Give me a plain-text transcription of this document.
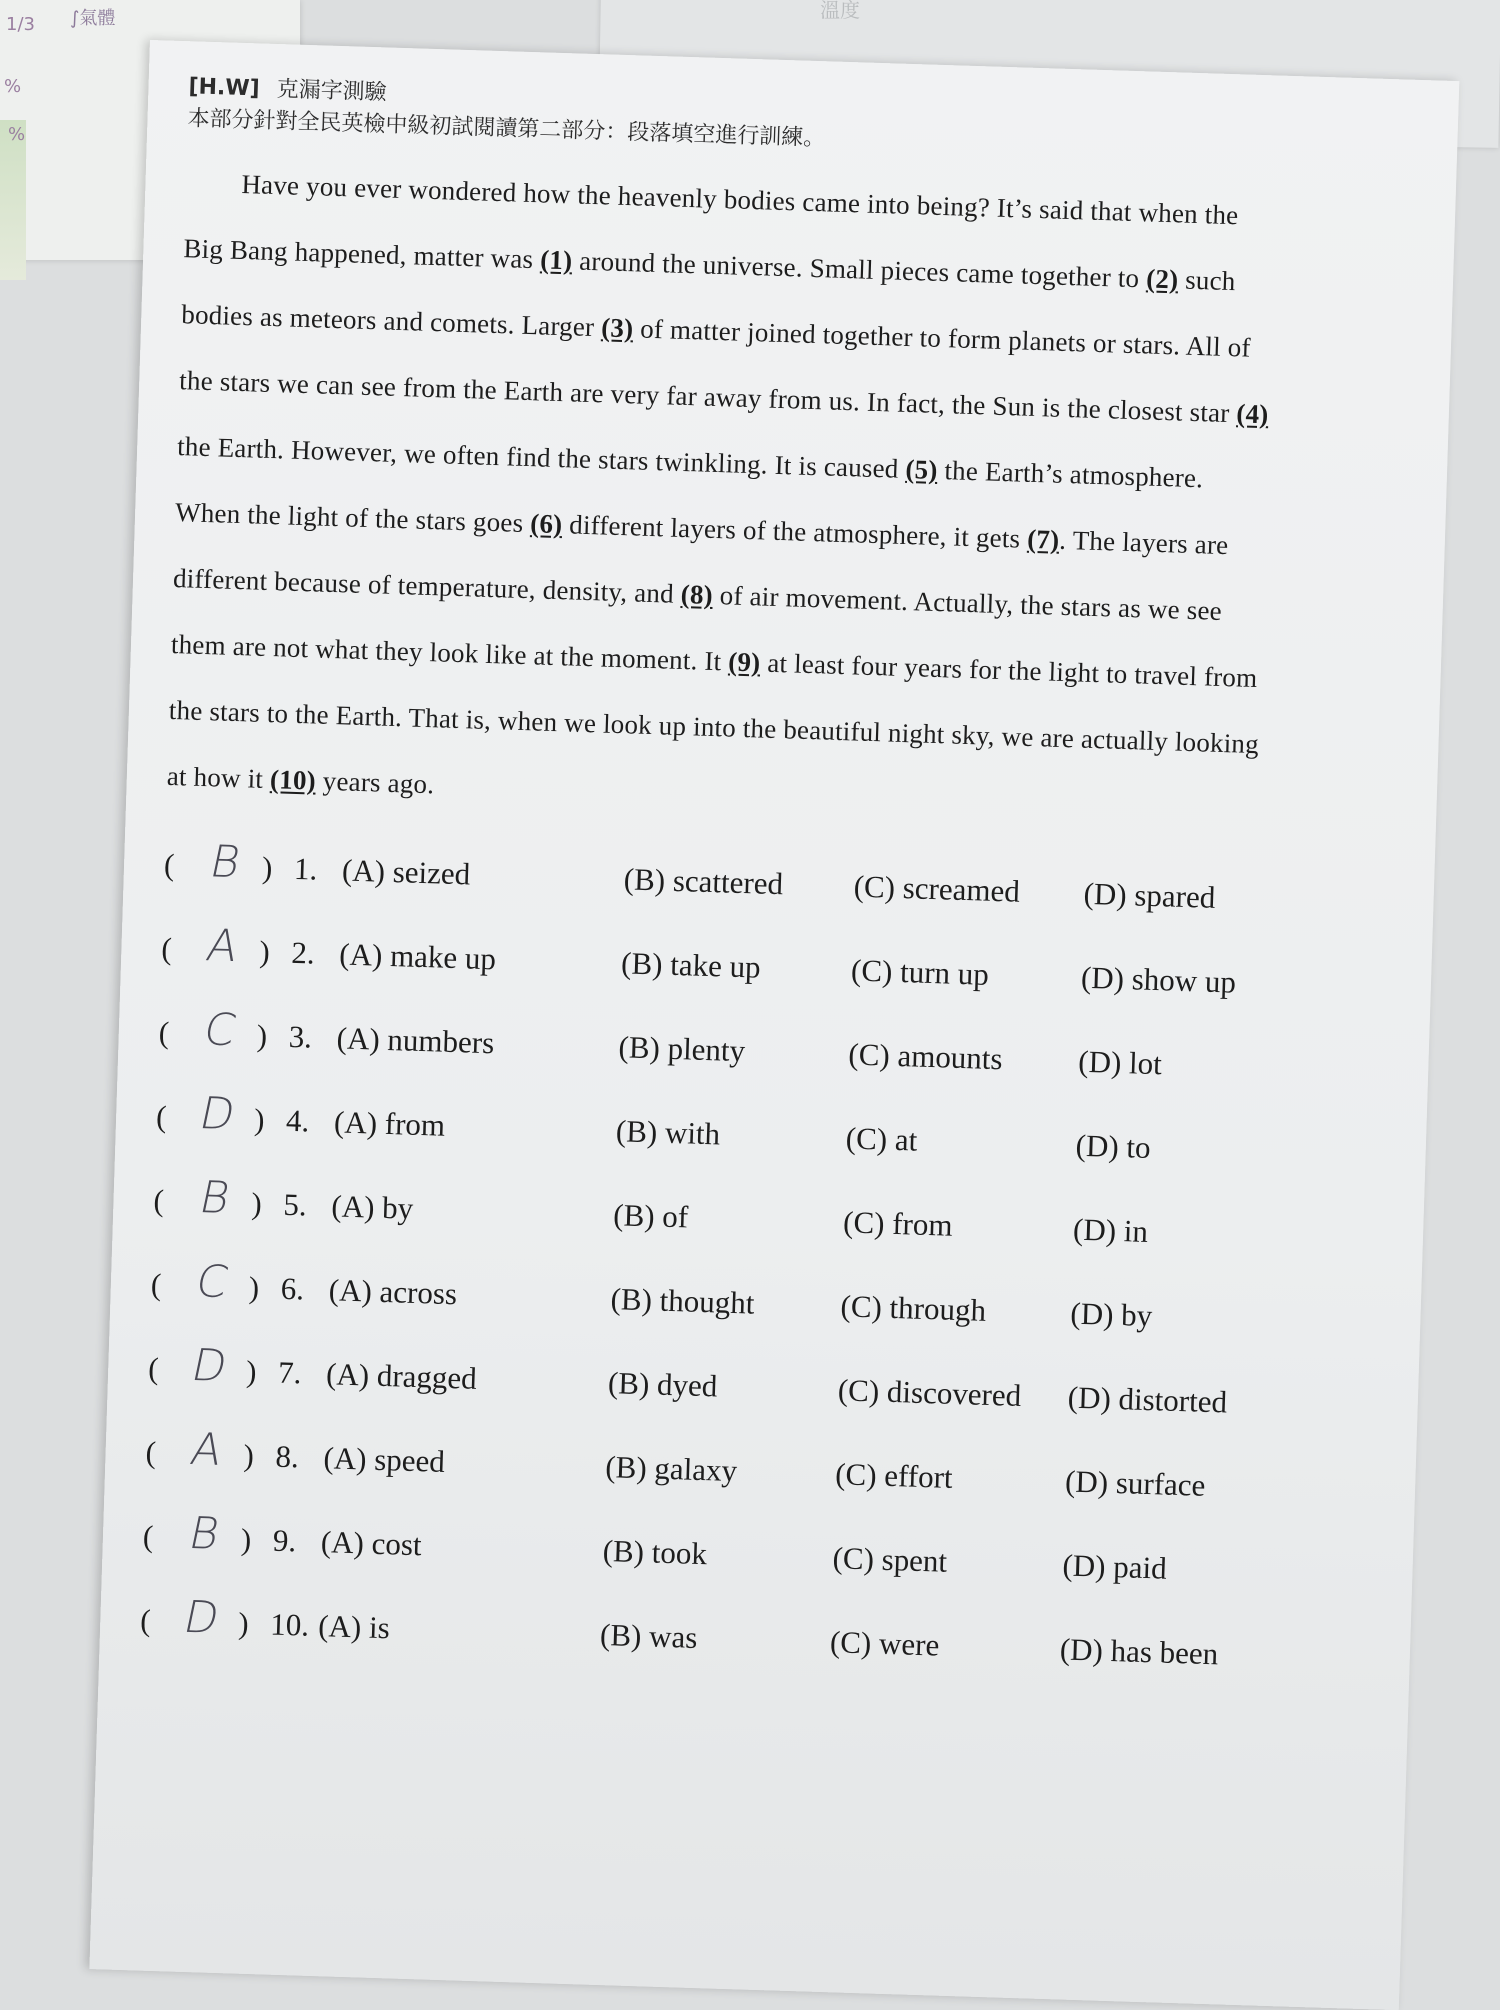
1/3 ∫氣體
%
%
溫度
[H.W] 克漏字測驗
本部分針對全民英檢中級初試閱讀第二部分：段落填空進行訓練。
Have you ever wondered how the heavenly bodies came into being? It’s said that when the
Big Bang happened, matter was (1) around the universe. Small pieces came together to (2) such
bodies as meteors and comets. Larger (3) of matter joined together to form planets or stars. All of
the stars we can see from the Earth are very far away from us. In fact, the Sun is the closest star (4)
the Earth. However, we often find the stars twinkling. It is caused (5) the Earth’s atmosphere.
When the light of the stars goes (6) different layers of the atmosphere, it gets (7). The layers are
different because of temperature, density, and (8) of air movement. Actually, the stars as we see
them are not what they look like at the moment. It (9) at least four years for the light to travel from
the stars to the Earth. That is, when we look up into the beautiful night sky, we are actually looking
at how it (10) years ago.
( B ) 1. (A) seized	(B) scattered (C) screamed (D) spared
( A ) 2. (A) make up	(B) take up	(C) turn up	(D) show up
( C ) 3. (A) numbers	(B) plenty	(C) amounts (D) lot
( D ) 4. (A) from	(B) with	(C) at	(D) to
( B ) 5. (A) by	(B) of	(C) from	(D) in
( C ) 6. (A) across	(B) thought	(C) through	(D) by
( D ) 7. (A) dragged	(B) dyed	(C) discovered (D) distorted
( A ) 8. (A) speed	(B) galaxy	(C) effort	(D) surface
( B ) 9. (A) cost	(B) took	(C) spent	(D) paid
( D ) 10. (A) is	(B) was	(C) were	(D) has been
